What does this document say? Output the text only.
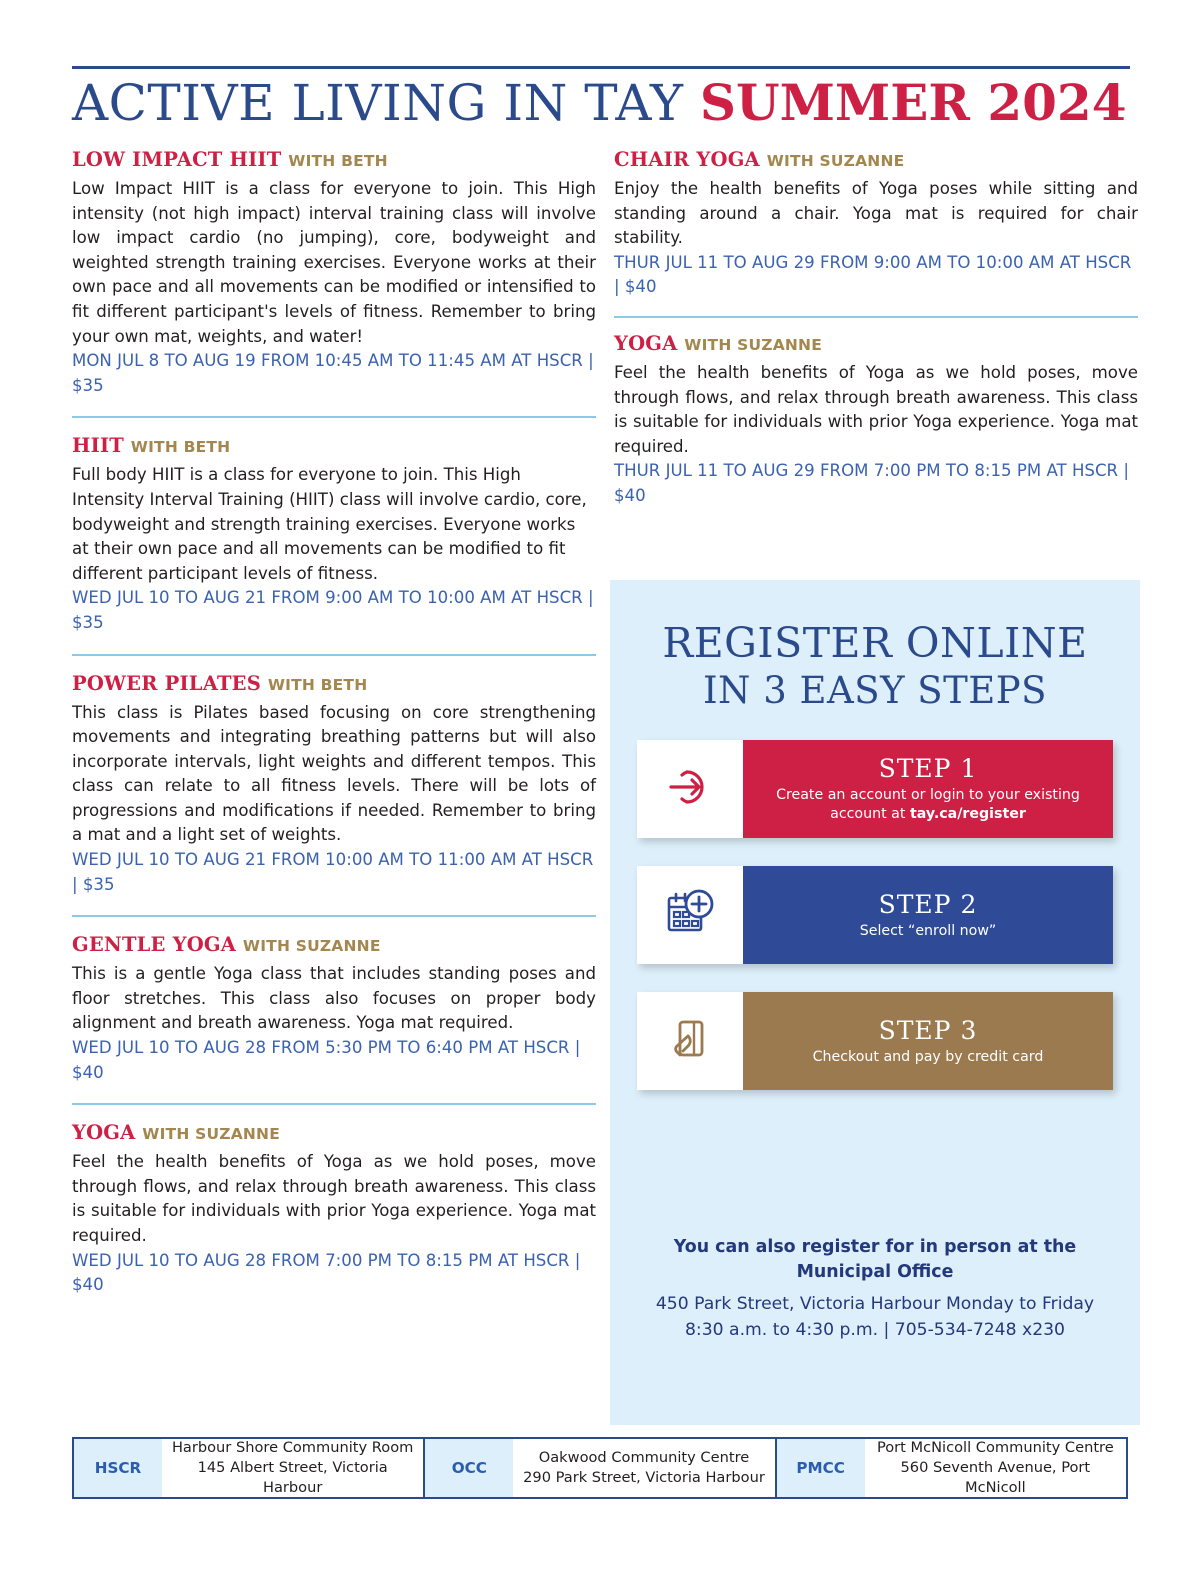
ACTIVE LIVING IN TAY SUMMER 2024
LOW IMPACT HIIT WITH BETH
Low Impact HIIT is a class for everyone to join. This High intensity (not high impact) interval training class will involve low impact cardio (no jumping), core, bodyweight and weighted strength training exercises. Everyone works at their own pace and all movements can be modified or intensified to fit different participant's levels of fitness. Remember to bring your own mat, weights, and water!
MON JUL 8 TO AUG 19 FROM 10:45 AM TO 11:45 AM AT HSCR | $35
HIIT WITH BETH
Full body HIIT is a class for everyone to join. This High Intensity Interval Training (HIIT) class will involve cardio, core, bodyweight and strength training exercises. Everyone works at their own pace and all movements can be modified to fit different participant levels of fitness.
WED JUL 10 TO AUG 21 FROM 9:00 AM TO 10:00 AM AT HSCR | $35
POWER PILATES WITH BETH
This class is Pilates based focusing on core strengthening movements and integrating breathing patterns but will also incorporate intervals, light weights and different tempos. This class can relate to all fitness levels. There will be lots of progressions and modifications if needed. Remember to bring a mat and a light set of weights.
WED JUL 10 TO AUG 21 FROM 10:00 AM TO 11:00 AM AT HSCR | $35
GENTLE YOGA WITH SUZANNE
This is a gentle Yoga class that includes standing poses and floor stretches. This class also focuses on proper body alignment and breath awareness. Yoga mat required.
WED JUL 10 TO AUG 28 FROM 5:30 PM TO 6:40 PM AT HSCR | $40
YOGA WITH SUZANNE
Feel the health benefits of Yoga as we hold poses, move through flows, and relax through breath awareness. This class is suitable for individuals with prior Yoga experience. Yoga mat required.
WED JUL 10 TO AUG 28 FROM 7:00 PM TO 8:15 PM AT HSCR | $40
CHAIR YOGA WITH SUZANNE
Enjoy the health benefits of Yoga poses while sitting and standing around a chair. Yoga mat is required for chair stability.
THUR JUL 11 TO AUG 29 FROM 9:00 AM TO 10:00 AM AT HSCR | $40
YOGA WITH SUZANNE
Feel the health benefits of Yoga as we hold poses, move through flows, and relax through breath awareness. This class is suitable for individuals with prior Yoga experience. Yoga mat required.
THUR JUL 11 TO AUG 29 FROM 7:00 PM TO 8:15 PM AT HSCR | $40
REGISTER ONLINE
IN 3 EASY STEPS
STEP 1
Create an account or login to your existing account at tay.ca/register
STEP 2
Select “enroll now”
STEP 3
Checkout and pay by credit card
You can also register for in person at the Municipal Office
450 Park Street, Victoria Harbour Monday to Friday
8:30 a.m. to 4:30 p.m. | 705-534-7248 x230
HSCR
Harbour Shore Community Room
145 Albert Street, Victoria Harbour
OCC
Oakwood Community Centre
290 Park Street, Victoria Harbour
PMCC
Port McNicoll Community Centre
560 Seventh Avenue, Port McNicoll
